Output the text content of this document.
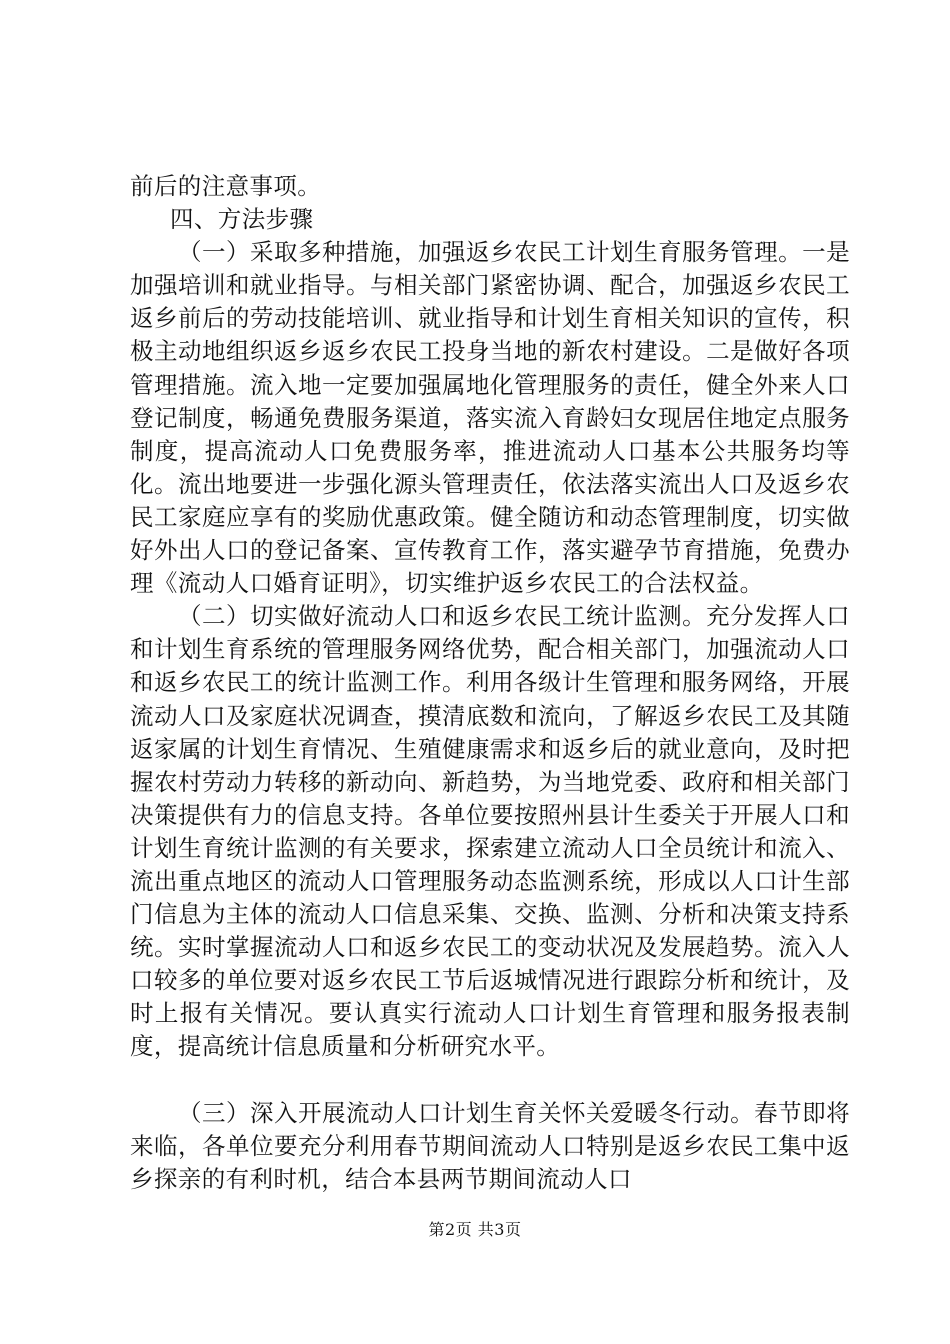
前后的注意事项。

四、方法步骤

（一）采取多种措施，加强返乡农民工计划生育服务管理。一是加强培训和就业指导。与相关部门紧密协调、配合，加强返乡农民工返乡前后的劳动技能培训、就业指导和计划生育相关知识的宣传，积极主动地组织返乡返乡农民工投身当地的新农村建设。二是做好各项管理措施。流入地一定要加强属地化管理服务的责任，健全外来人口登记制度，畅通免费服务渠道，落实流入育龄妇女现居住地定点服务制度，提高流动人口免费服务率，推进流动人口基本公共服务均等化。流出地要进一步强化源头管理责任，依法落实流出人口及返乡农民工家庭应享有的奖励优惠政策。健全随访和动态管理制度，切实做好外出人口的登记备案、宣传教育工作，落实避孕节育措施，免费办理《流动人口婚育证明》，切实维护返乡农民工的合法权益。

（二）切实做好流动人口和返乡农民工统计监测。充分发挥人口和计划生育系统的管理服务网络优势，配合相关部门，加强流动人口和返乡农民工的统计监测工作。利用各级计生管理和服务网络，开展流动人口及家庭状况调查，摸清底数和流向，了解返乡农民工及其随返家属的计划生育情况、生殖健康需求和返乡后的就业意向，及时把握农村劳动力转移的新动向、新趋势，为当地党委、政府和相关部门决策提供有力的信息支持。各单位要按照州县计生委关于开展人口和计划生育统计监测的有关要求，探索建立流动人口全员统计和流入、流出重点地区的流动人口管理服务动态监测系统，形成以人口计生部门信息为主体的流动人口信息采集、交换、监测、分析和决策支持系统。实时掌握流动人口和返乡农民工的变动状况及发展趋势。流入人口较多的单位要对返乡农民工节后返城情况进行跟踪分析和统计，及时上报有关情况。要认真实行流动人口计划生育管理和服务报表制度，提高统计信息质量和分析研究水平。

（三）深入开展流动人口计划生育关怀关爱暖冬行动。春节即将来临，各单位要充分利用春节期间流动人口特别是返乡农民工集中返乡探亲的有利时机，结合本县两节期间流动人口

第2页 共3页
